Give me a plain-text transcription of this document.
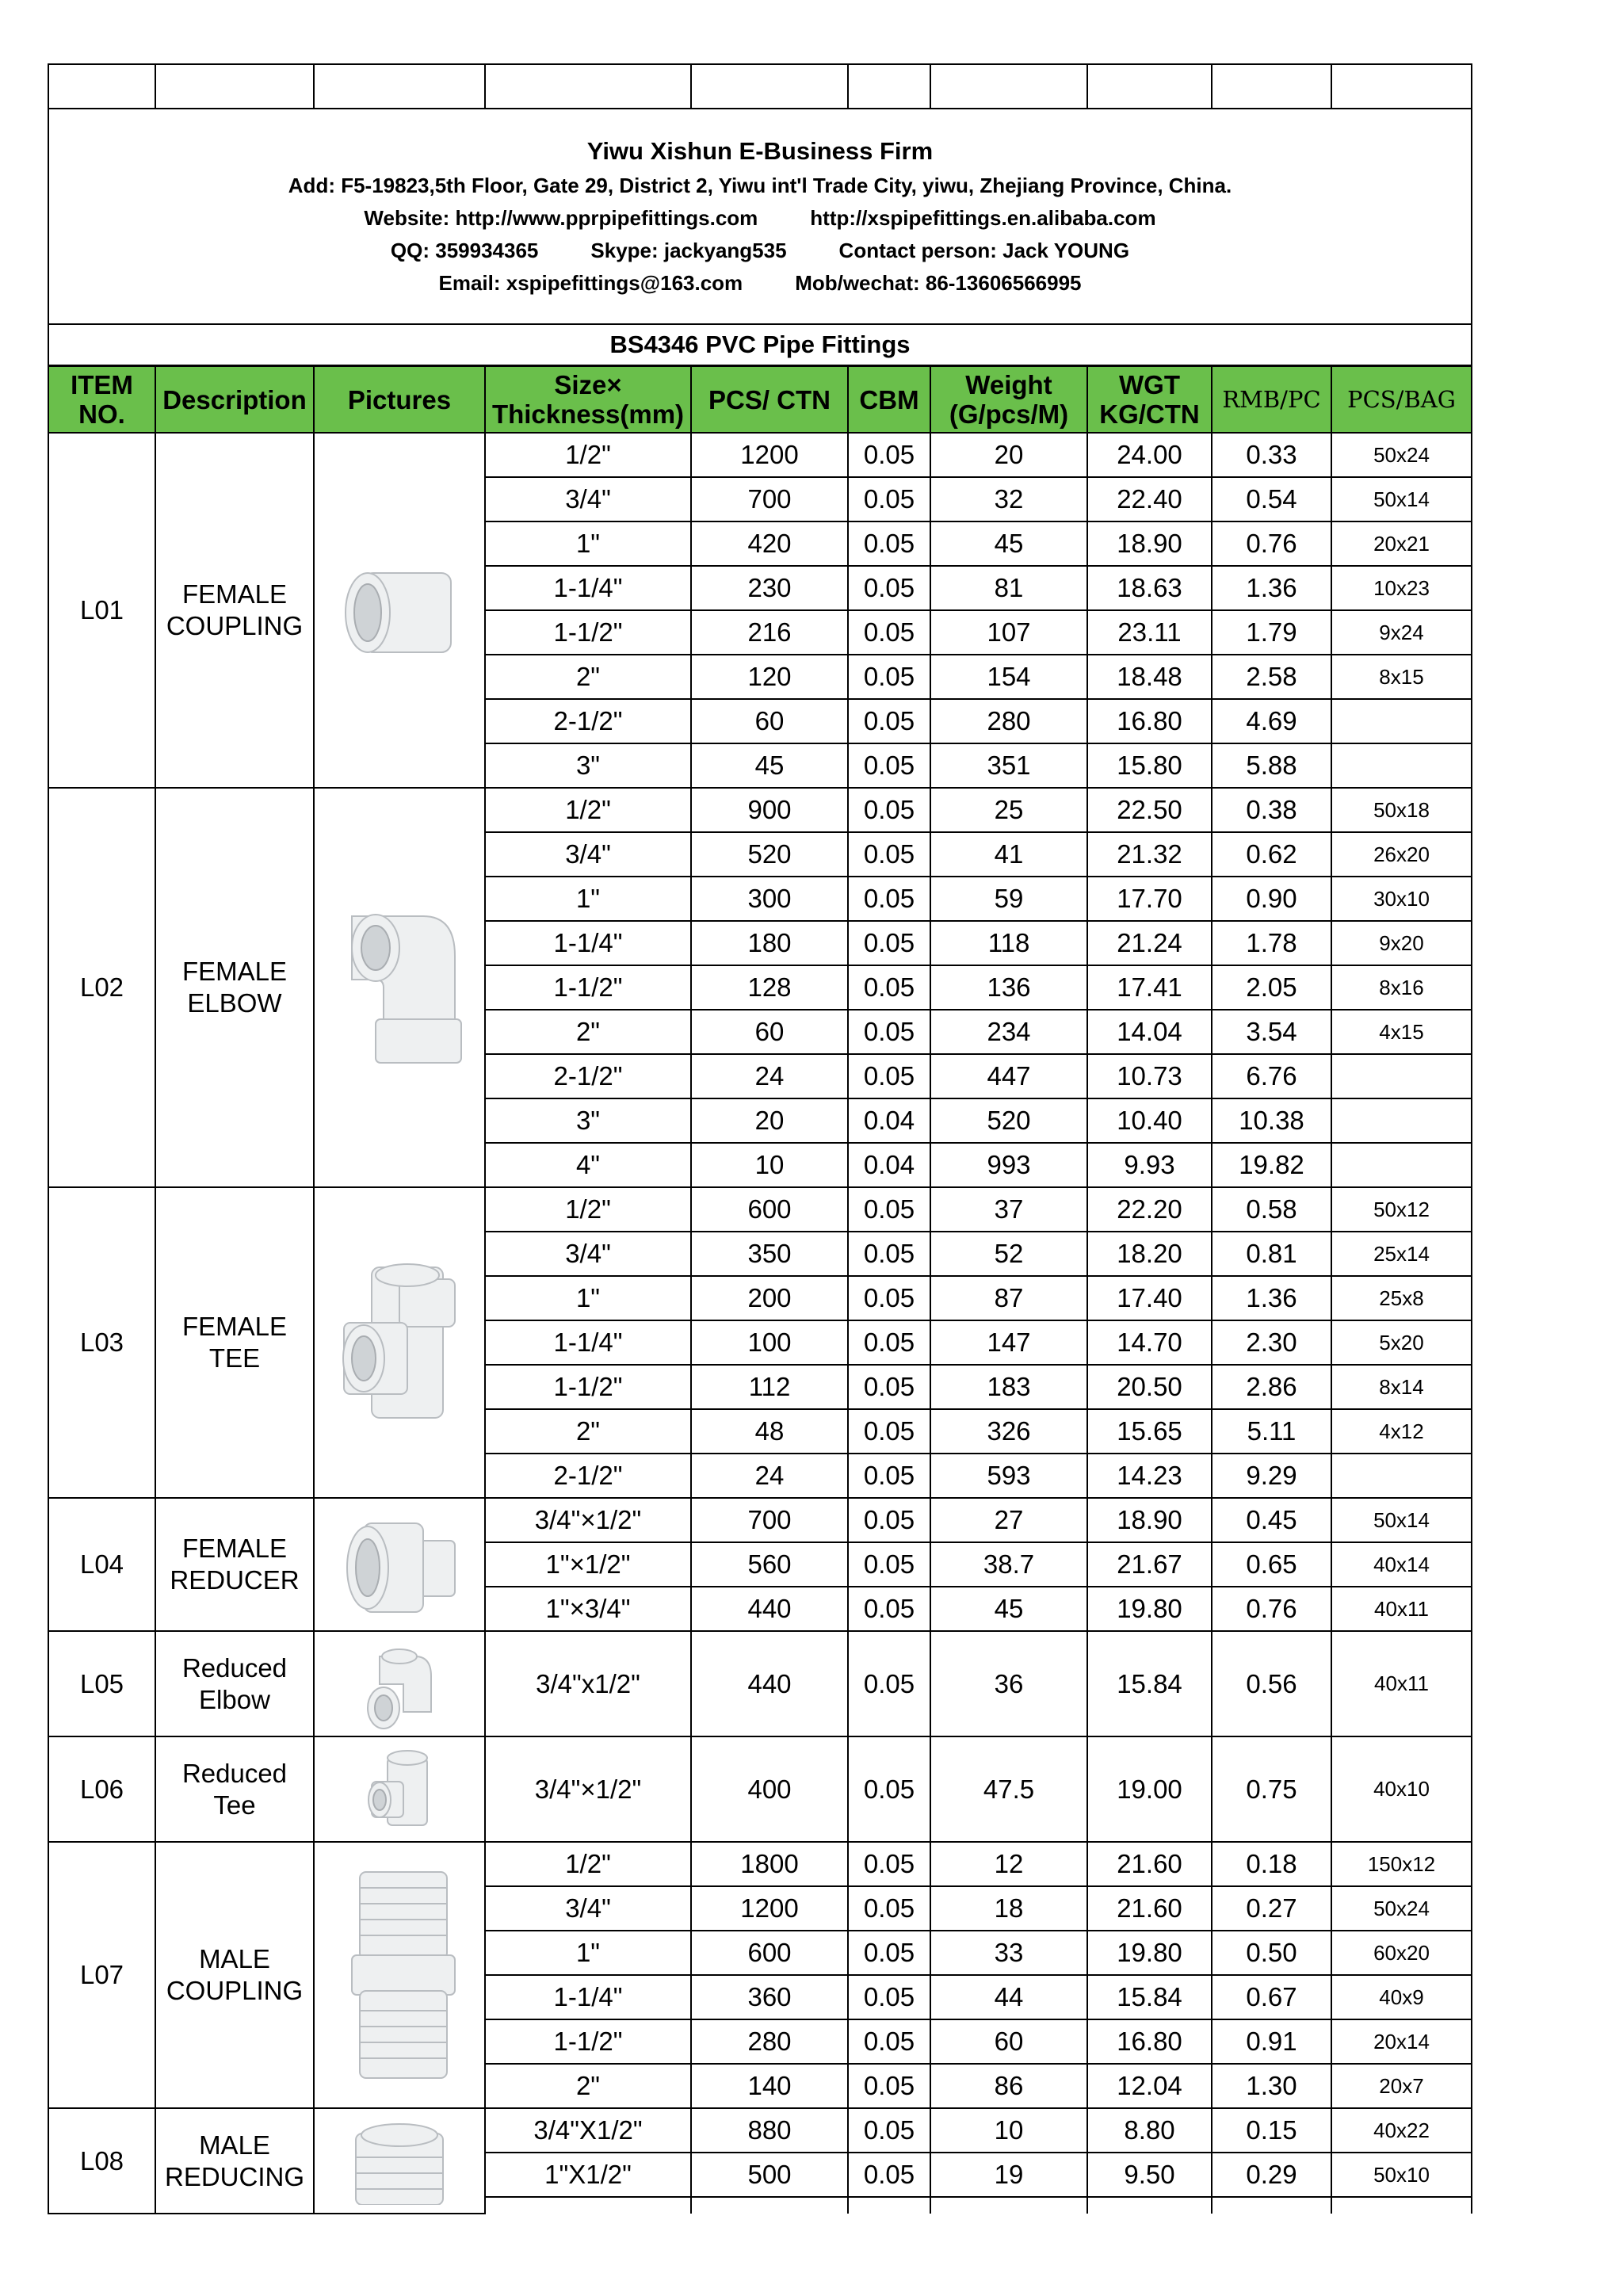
Yiwu Xishun E-Business Firm
Add: F5-19823,5th Floor, Gate 29, District 2, Yiwu int'l Trade City, yiwu, Zhejiang Province, China.
Website: http://www.pprpipefittings.com http://xspipefittings.en.alibaba.com
QQ: 359934365 Skype: jackyang535 Contact person: Jack YOUNG
Email: xspipefittings@163.com Mob/wechat: 86-13606566995									

BS4346 PVC Pipe Fittings									
ITEM
NO.	Description	Pictures	Size×
Thickness(mm)	PCS/ CTN	CBM	Weight
(G/pcs/M)	WGT
KG/CTN	RMB/PC	PCS/BAG
L01	FEMALE
COUPLING		1/2"	1200	0.05	20	24.00	0.33	50x24
			3/4"	700	0.05	32	22.40	0.54	50x14
			1"	420	0.05	45	18.90	0.76	20x21
			1-1/4"	230	0.05	81	18.63	1.36	10x23
			1-1/2"	216	0.05	107	23.11	1.79	9x24
			2"	120	0.05	154	18.48	2.58	8x15
			2-1/2"	60	0.05	280	16.80	4.69	
			3"	45	0.05	351	15.80	5.88	
L02	FEMALE
ELBOW		1/2"	900	0.05	25	22.50	0.38	50x18
			3/4"	520	0.05	41	21.32	0.62	26x20
			1"	300	0.05	59	17.70	0.90	30x10
			1-1/4"	180	0.05	118	21.24	1.78	9x20
			1-1/2"	128	0.05	136	17.41	2.05	8x16
			2"	60	0.05	234	14.04	3.54	4x15
			2-1/2"	24	0.05	447	10.73	6.76	
			3"	20	0.04	520	10.40	10.38	
			4"	10	0.04	993	9.93	19.82	
L03	FEMALE
TEE		1/2"	600	0.05	37	22.20	0.58	50x12
			3/4"	350	0.05	52	18.20	0.81	25x14
			1"	200	0.05	87	17.40	1.36	25x8
			1-1/4"	100	0.05	147	14.70	2.30	5x20
			1-1/2"	112	0.05	183	20.50	2.86	8x14
			2"	48	0.05	326	15.65	5.11	4x12
			2-1/2"	24	0.05	593	14.23	9.29	
L04	FEMALE
REDUCER		3/4"×1/2"	700	0.05	27	18.90	0.45	50x14
			1"×1/2"	560	0.05	38.7	21.67	0.65	40x14
			1"×3/4"	440	0.05	45	19.80	0.76	40x11
L05	Reduced
Elbow		3/4"x1/2"	440	0.05	36	15.84	0.56	40x11
L06	Reduced
Tee		3/4"×1/2"	400	0.05	47.5	19.00	0.75	40x10
L07	MALE
COUPLING		1/2"	1800	0.05	12	21.60	0.18	150x12
			3/4"	1200	0.05	18	21.60	0.27	50x24
			1"	600	0.05	33	19.80	0.50	60x20
			1-1/4"	360	0.05	44	15.84	0.67	40x9
			1-1/2"	280	0.05	60	16.80	0.91	20x14
			2"	140	0.05	86	12.04	1.30	20x7
L08	MALE
REDUCING		3/4"X1/2"	880	0.05	10	8.80	0.15	40x22
			1"X1/2"	500	0.05	19	9.50	0.29	50x10
